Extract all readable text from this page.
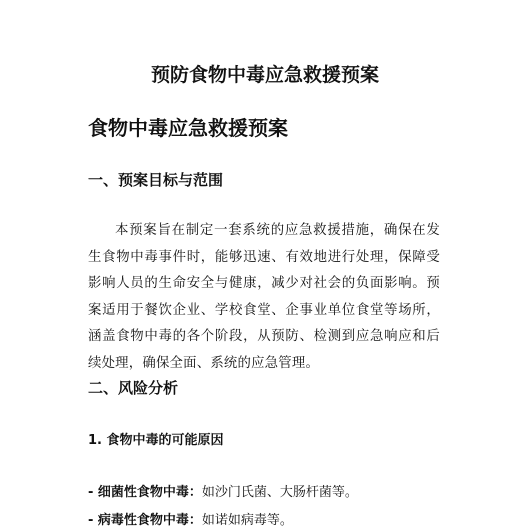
预防食物中毒应急救援预案
食物中毒应急救援预案
一、预案目标与范围

本预案旨在制定一套系统的应急救援措施，确保在发生食物中毒事件时，能够迅速、有效地进行处理，保障受影响人员的生命安全与健康，减少对社会的负面影响。预案适用于餐饮企业、学校食堂、企事业单位食堂等场所，涵盖食物中毒的各个阶段，从预防、检测到应急响应和后续处理，确保全面、系统的应急管理。

二、风险分析
1. 食物中毒的可能原因
- 细菌性食物中毒：如沙门氏菌、大肠杆菌等。
- 病毒性食物中毒：如诺如病毒等。
